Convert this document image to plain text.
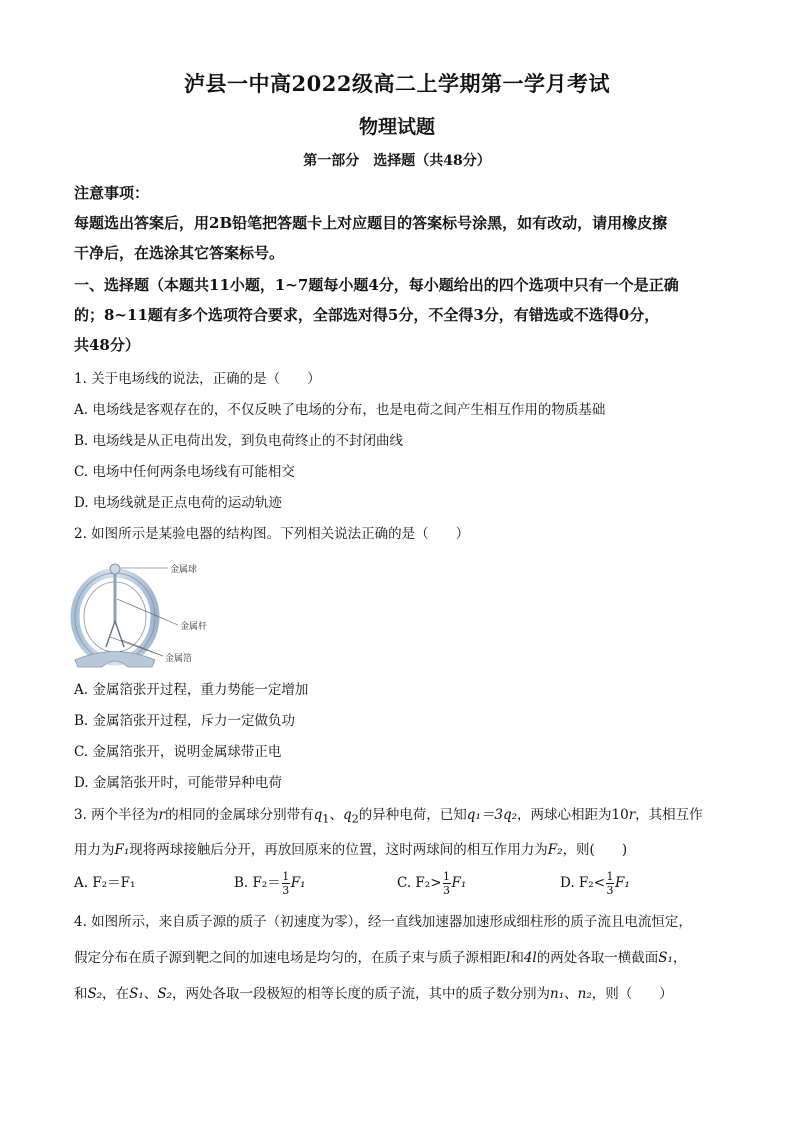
泸县一中高2022级高二上学期第一学月考试
物理试题
第一部分　选择题（共48分）
注意事项：
每题选出答案后，用2B铅笔把答题卡上对应题目的答案标号涂黑，如有改动，请用橡皮擦
干净后，在选涂其它答案标号。
一、选择题（本题共11小题，1~7题每小题4分，每小题给出的四个选项中只有一个是正确
的；8~11题有多个选项符合要求，全部选对得5分，不全得3分，有错选或不选得0分，
共48分）
1. 关于电场线的说法，正确的是（　　）
A. 电场线是客观存在的，不仅反映了电场的分布，也是电荷之间产生相互作用的物质基础
B. 电场线是从正电荷出发，到负电荷终止的不封闭曲线
C. 电场中任何两条电场线有可能相交
D. 电场线就是正点电荷的运动轨迹
2. 如图所示是某验电器的结构图。下列相关说法正确的是（　　）
金属球
金属杆
金属箔
A. 金属箔张开过程，重力势能一定增加
B. 金属箔张开过程，斥力一定做负功
C. 金属箔张开，说明金属球带正电
D. 金属箔张开时，可能带异种电荷
3. 两个半径为r的相同的金属球分别带有$q_1$、$q_2$的异种电荷，已知q₁＝3q₂，两球心相距为10r，其相互作
用力为F₁现将两球接触后分开，再放回原来的位置，这时两球间的相互作用力为F₂，则(　　)
A. F₂＝F₁	B. $F_2= \frac{1}{3} F_1$	C. $F_2> \frac{1}{3} F_1$	D. $F_2< \frac{1}{3} F_1$
4. 如图所示，来自质子源的质子（初速度为零），经一直线加速器加速形成细柱形的质子流且电流恒定，
假定分布在质子源到靶之间的加速电场是均匀的，在质子束与质子源相距l和4l的两处各取一横截面S₁，
和S₂，在S₁、S₂，两处各取一段极短的相等长度的质子流，其中的质子数分别为n₁、n₂，则（　　）
